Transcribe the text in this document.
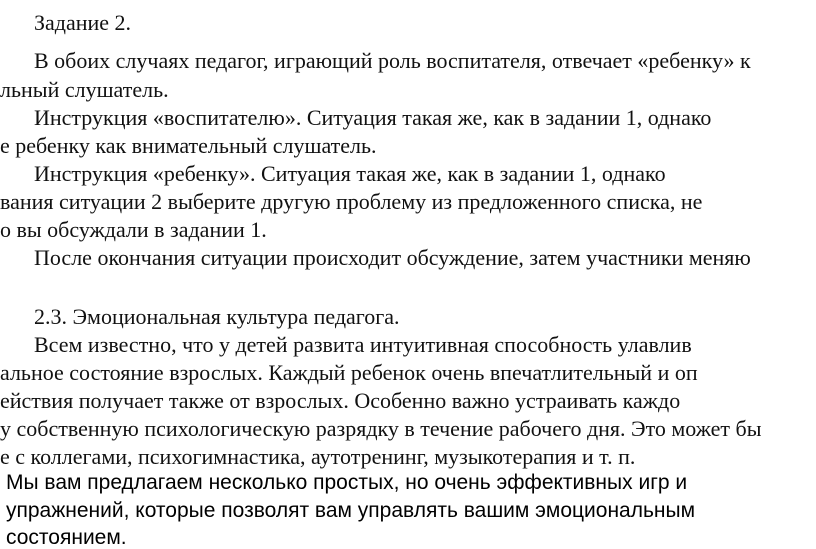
Задание 2.
В обоих случаях педагог, играющий роль воспитателя, отвечает «ребенку» к
льный слушатель.
Инструкция «воспитателю». Ситуация такая же, как в задании 1, однако
е ребенку как внимательный слушатель.
Инструкция «ребенку». Ситуация такая же, как в задании 1, однако
вания ситуации 2 выберите другую проблему из предложенного списка, не
о вы обсуждали в задании 1.
После окончания ситуации происходит обсуждение, затем участники меняю
2.3. Эмоциональная культура педагога.
Всем известно, что у детей развита интуитивная способность улавлив
альное состояние взрослых. Каждый ребенок очень впечатлительный и оп
ействия получает также от взрослых. Особенно важно устраивать каждо
у собственную психологическую разрядку в течение рабочего дня. Это может бы
е с коллегами, психогимнастика, аутотренинг, музыкотерапия и т. п.
Мы вам предлагаем несколько простых, но очень эффективных игр и
упражнений, которые позволят вам управлять вашим эмоциональным
состоянием.
